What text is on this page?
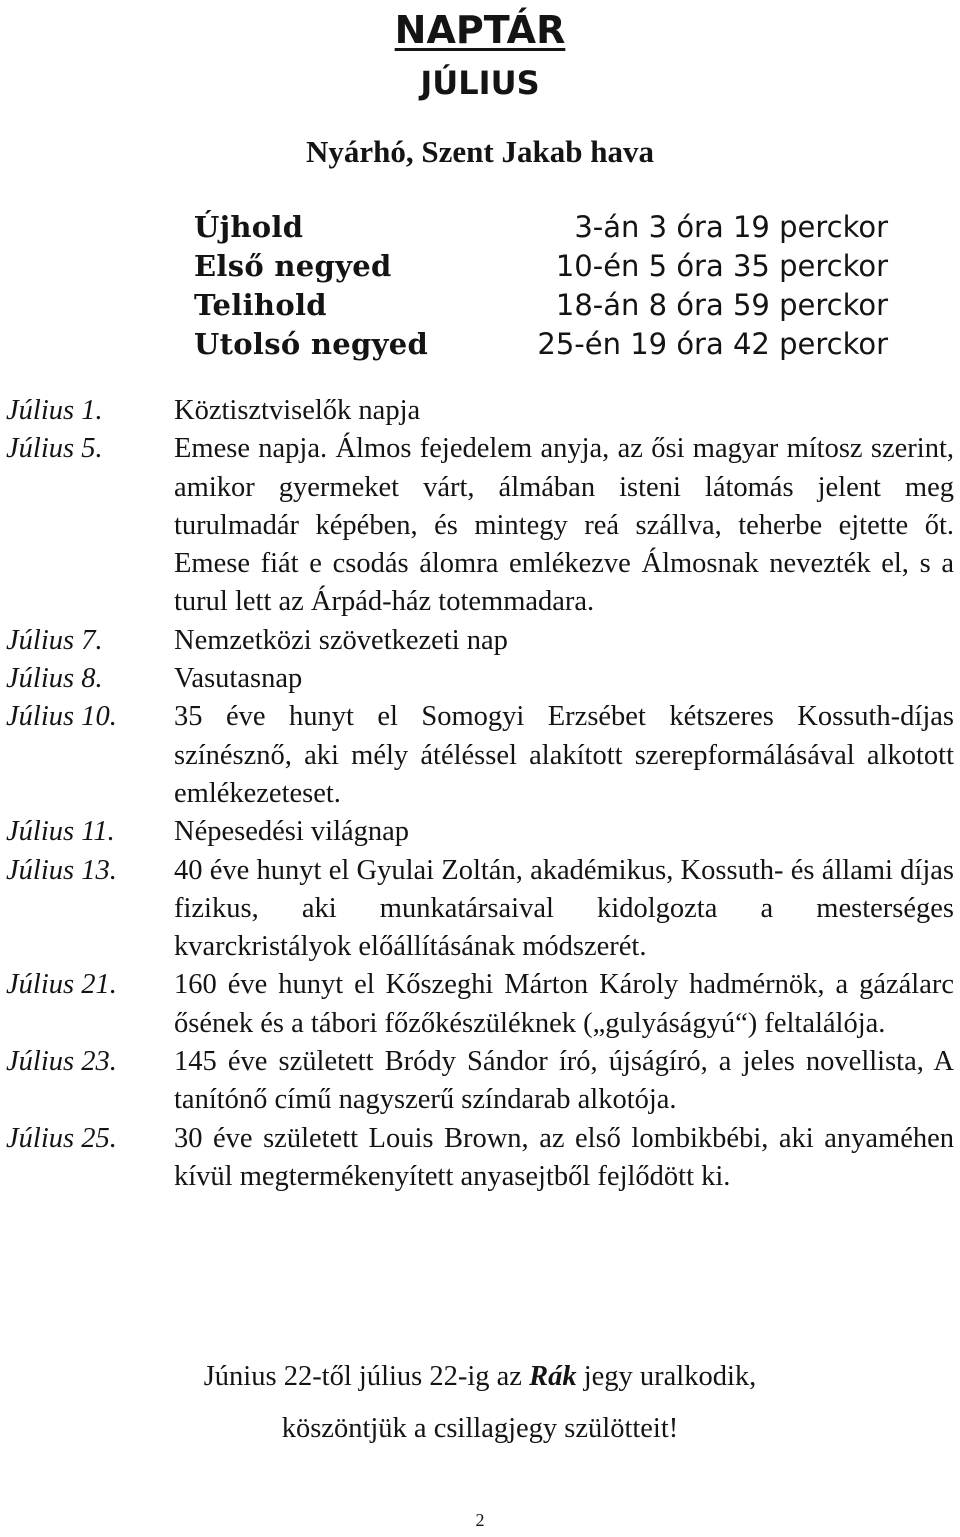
NAPTÁR
JÚLIUS
Nyárhó, Szent Jakab hava
Újhold	3-án 3 óra 19 perckor
Első negyed	10-én 5 óra 35 perckor
Telihold	18-án 8 óra 59 perckor
Utolsó negyed	25-én 19 óra 42 perckor
Július 1.	Köztisztviselők napja
Július 5.	Emese napja. Álmos fejedelem anyja, az ősi magyar mítosz szerint, amikor gyermeket várt, álmában isteni látomás jelent meg turulmadár képében, és mintegy reá szállva, teherbe ejtette őt. Emese fiát e csodás álomra emlékezve Álmosnak nevezték el, s a turul lett az Árpád-ház totemmadara.
Július 7.	Nemzetközi szövetkezeti nap
Július 8.	Vasutasnap
Július 10. 35 éve hunyt el Somogyi Erzsébet kétszeres Kossuth-díjas színésznő, aki mély átéléssel alakított szerepformálásával alkotott emlékezeteset.
Július 11. Népesedési világnap
Július 13. 40 éve hunyt el Gyulai Zoltán, akadémikus, Kossuth- és állami díjas fizikus, aki munkatársaival kidolgozta a mesterséges kvarckristályok előállításának módszerét.
Július 21. 160 éve hunyt el Kőszeghi Márton Károly hadmérnök, a gázálarc ősének és a tábori főzőkészüléknek („gulyáságyú“) feltalálója.
Július 23. 145 éve született Bródy Sándor író, újságíró, a jeles novellista, A tanítónő című nagyszerű színdarab alkotója.
Július 25. 30 éve született Louis Brown, az első lombikbébi, aki anyaméhen kívül megtermékenyített anyasejtből fejlődött ki.
Június 22-től július 22-ig az Rák jegy uralkodik,
köszöntjük a csillagjegy szülötteit!
2
